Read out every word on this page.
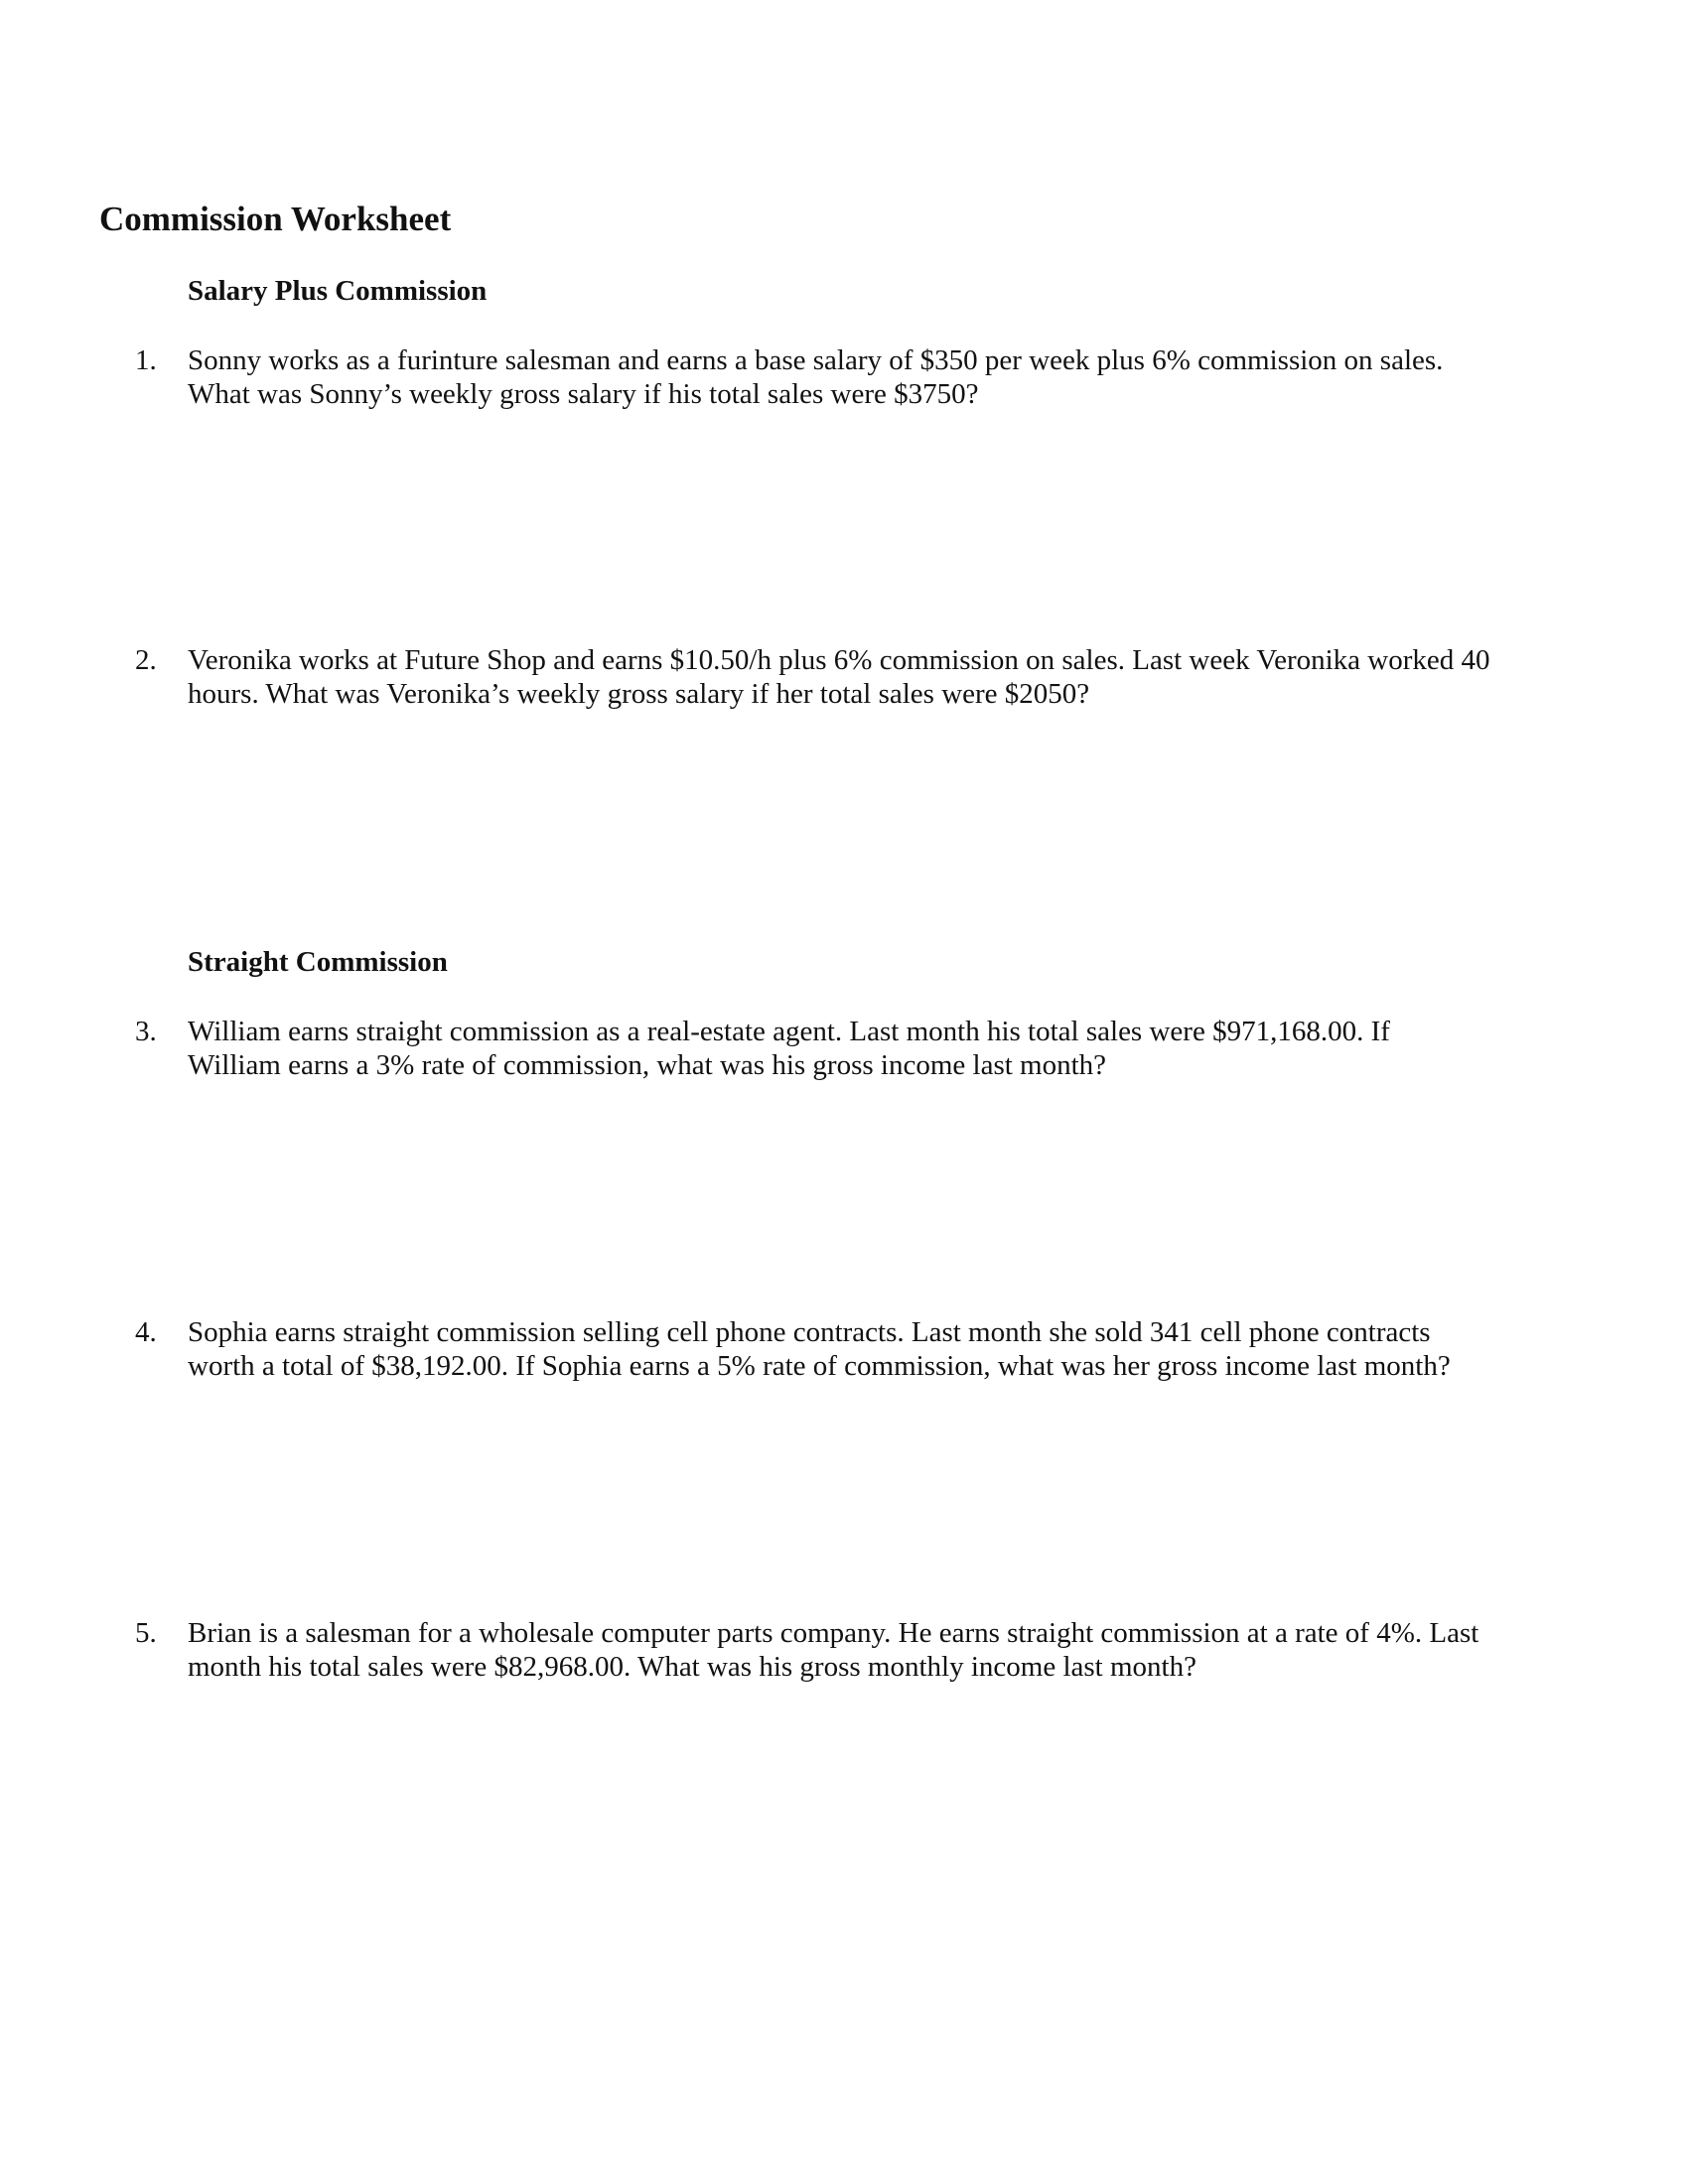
Commission Worksheet
Salary Plus Commission
1.	Sonny works as a furinture salesman and earns a base salary of $350 per week plus 6% commission on sales.
What was Sonny’s weekly gross salary if his total sales were $3750?
2.	Veronika works at Future Shop and earns $10.50/h plus 6% commission on sales. Last week Veronika worked 40
hours. What was Veronika’s weekly gross salary if her total sales were $2050?
Straight Commission
3.	William earns straight commission as a real-estate agent. Last month his total sales were $971,168.00. If
William earns a 3% rate of commission, what was his gross income last month?
4.	Sophia earns straight commission selling cell phone contracts. Last month she sold 341 cell phone contracts
worth a total of $38,192.00. If Sophia earns a 5% rate of commission, what was her gross income last month?
5.	Brian is a salesman for a wholesale computer parts company. He earns straight commission at a rate of 4%. Last
month his total sales were $82,968.00. What was his gross monthly income last month?
